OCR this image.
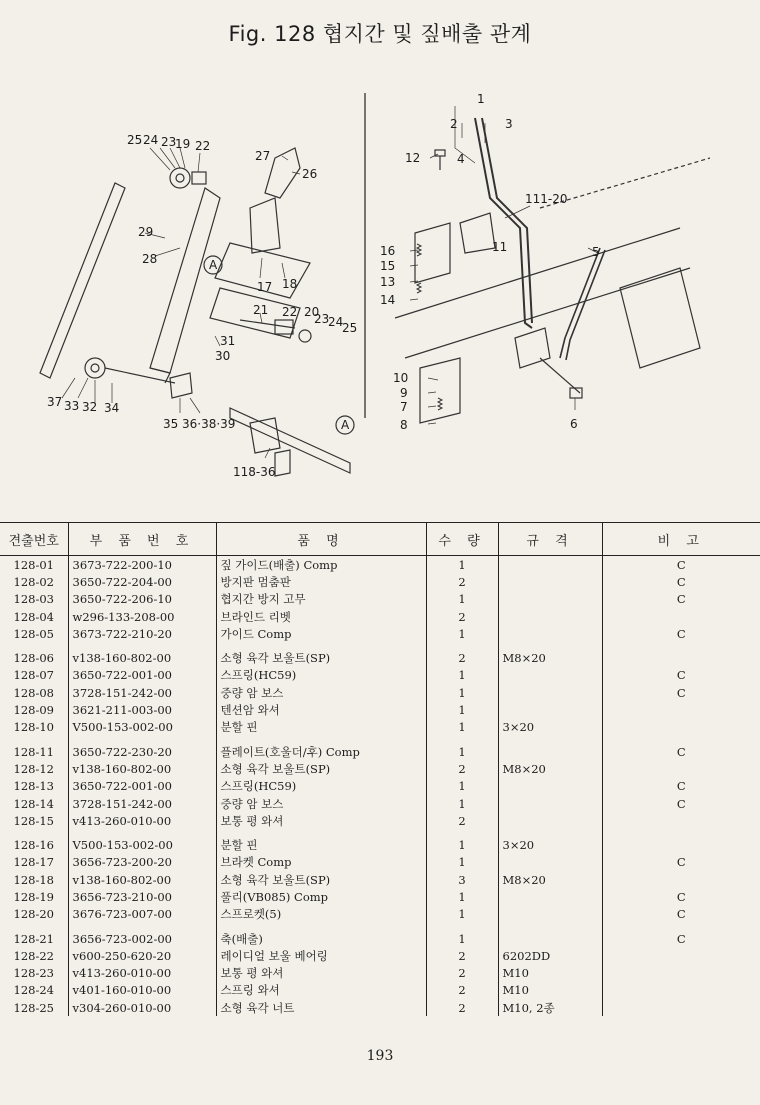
Fig. 128 협지간 및 짚배출 관계
1
2	3
4
5
6
7
8
9
10
11
12
13
14
15
16
17 18
19
20
21
22
22
23
23
24
24
25
25
26
27
28
29
30
31
32
33 34
35 36·38·39
37
111-20
118-36
A
A
견출번호	부 품 번 호	품 명	수 량	규 격	비 고
128-01	3673-722-200-10	짚 가이드(배출) Comp	1		C
128-02	3650-722-204-00	방지판 멈춤판	2		C
128-03	3650-722-206-10	협지간 방지 고무	1		C
128-04	w296-133-208-00	브라인드 리벳	2		
128-05	3673-722-210-20	가이드 Comp	1		C
128-06	v138-160-802-00	소형 육각 보울트(SP)	2	M8×20	
128-07	3650-722-001-00	스프링(HC59)	1		C
128-08	3728-151-242-00	중량 암 보스	1		C
128-09	3621-211-003-00	텐션암 와셔	1		
128-10	V500-153-002-00	분할 핀	1	3×20	
128-11	3650-722-230-20	플레이트(호울더/후) Comp	1		C
128-12	v138-160-802-00	소형 육각 보울트(SP)	2	M8×20	
128-13	3650-722-001-00	스프링(HC59)	1		C
128-14	3728-151-242-00	중량 암 보스	1		C
128-15	v413-260-010-00	보통 평 와셔	2		
128-16	V500-153-002-00	분할 핀	1	3×20	
128-17	3656-723-200-20	브라켓 Comp	1		C
128-18	v138-160-802-00	소형 육각 보울트(SP)	3	M8×20	
128-19	3656-723-210-00	풀리(VB085) Comp	1		C
128-20	3676-723-007-00	스프로켓(5)	1		C
128-21	3656-723-002-00	축(배출)	1		C
128-22	v600-250-620-20	레이디얼 보울 베어링	2	6202DD	
128-23	v413-260-010-00	보통 평 와셔	2	M10	
128-24	v401-160-010-00	스프링 와셔	2	M10	
128-25	v304-260-010-00	소형 육각 너트	2	M10, 2종	
193
